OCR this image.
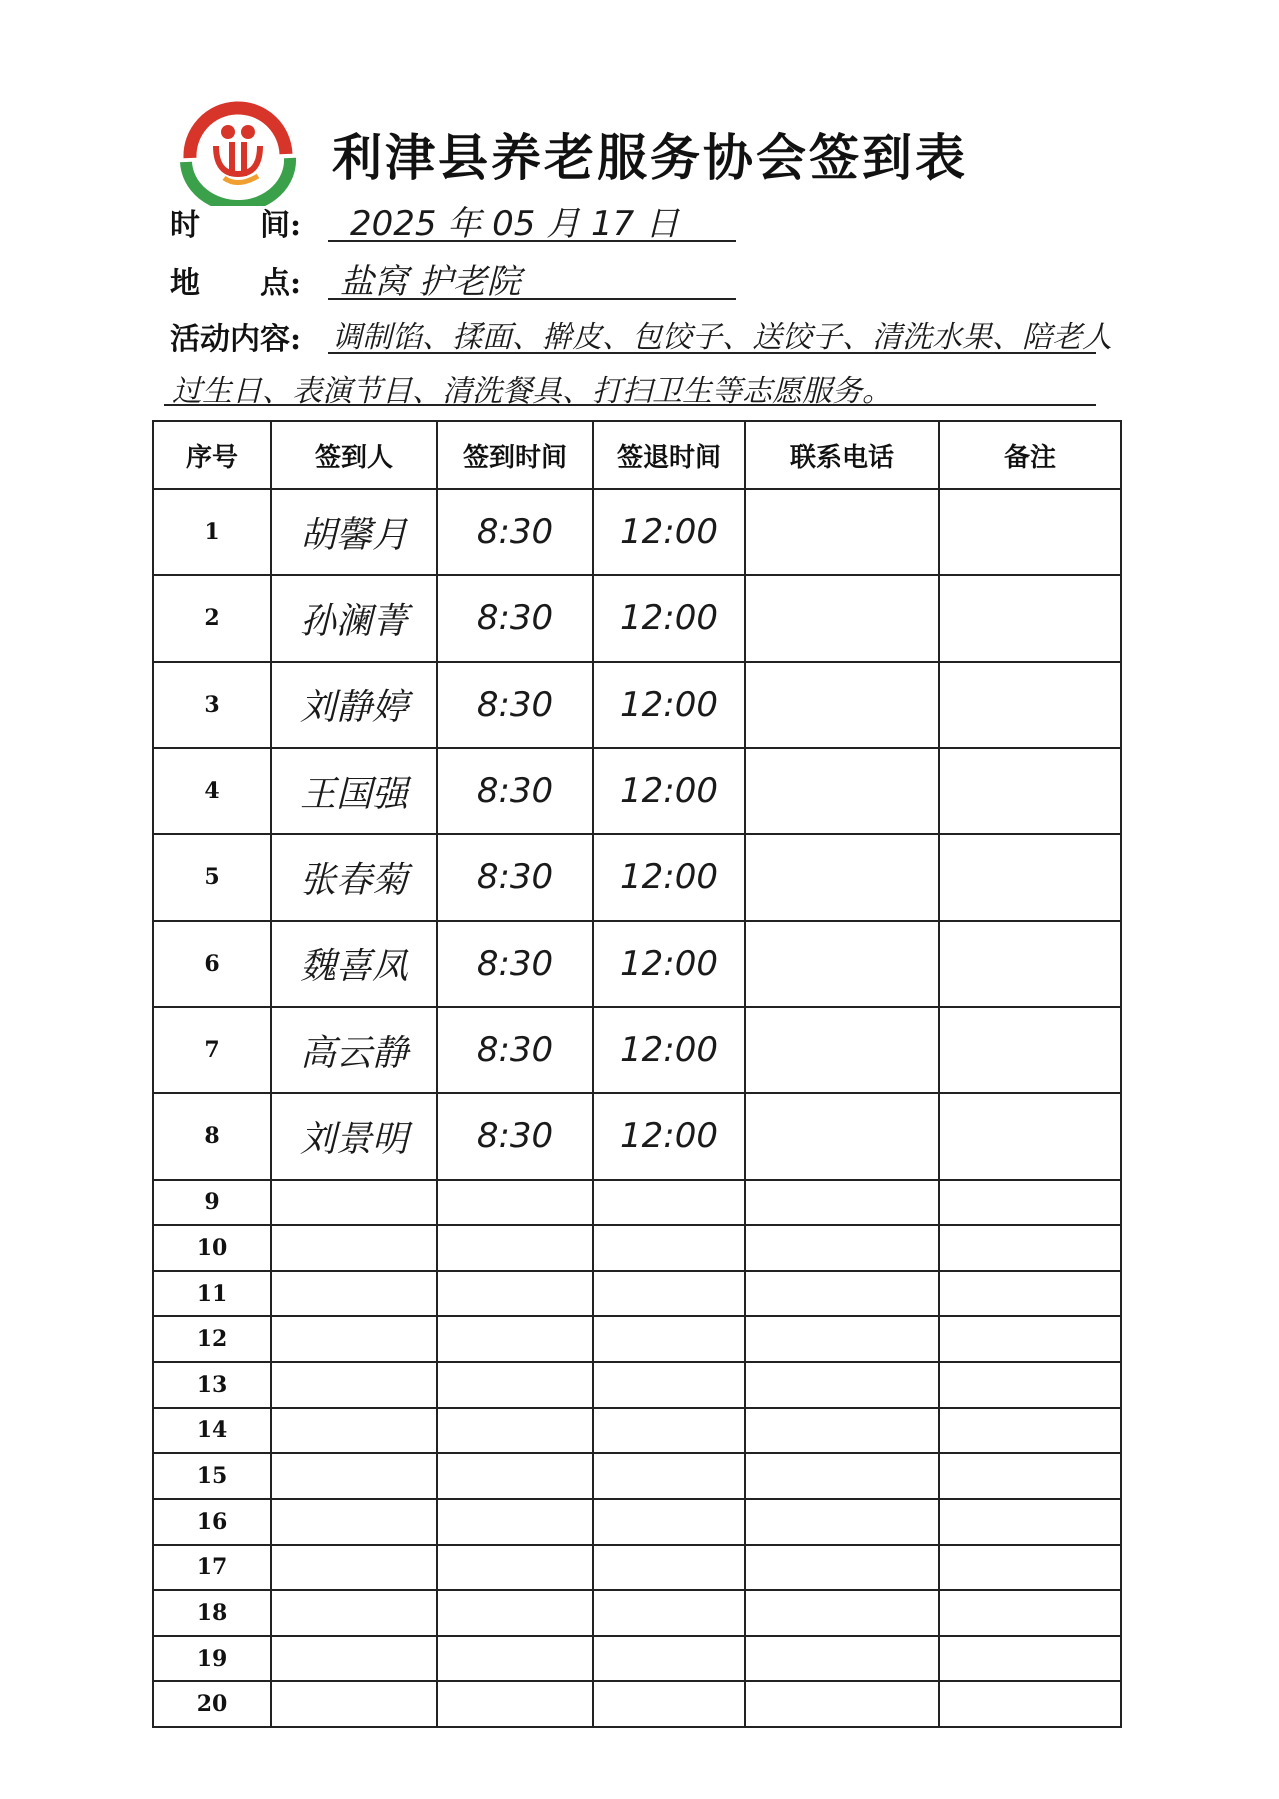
利津县养老服务协会签到表
时　　间: 2025 年 05 月 17 日
地　　点: 盐窝 护老院
活动内容: 调制馅、揉面、擀皮、包饺子、送饺子、清洗水果、陪老人
过生日、表演节目、清洗餐具、打扫卫生等志愿服务。
序号	签到人	签到时间	签退时间	联系电话	备注
1	胡馨月	8:30	12:00		
2	孙澜菁	8:30	12:00		
3	刘静婷	8:30	12:00		
4	王国强	8:30	12:00		
5	张春菊	8:30	12:00		
6	魏喜凤	8:30	12:00		
7	高云静	8:30	12:00		
8	刘景明	8:30	12:00		
9					
10					
11					
12					
13					
14					
15					
16					
17					
18					
19					
20					
